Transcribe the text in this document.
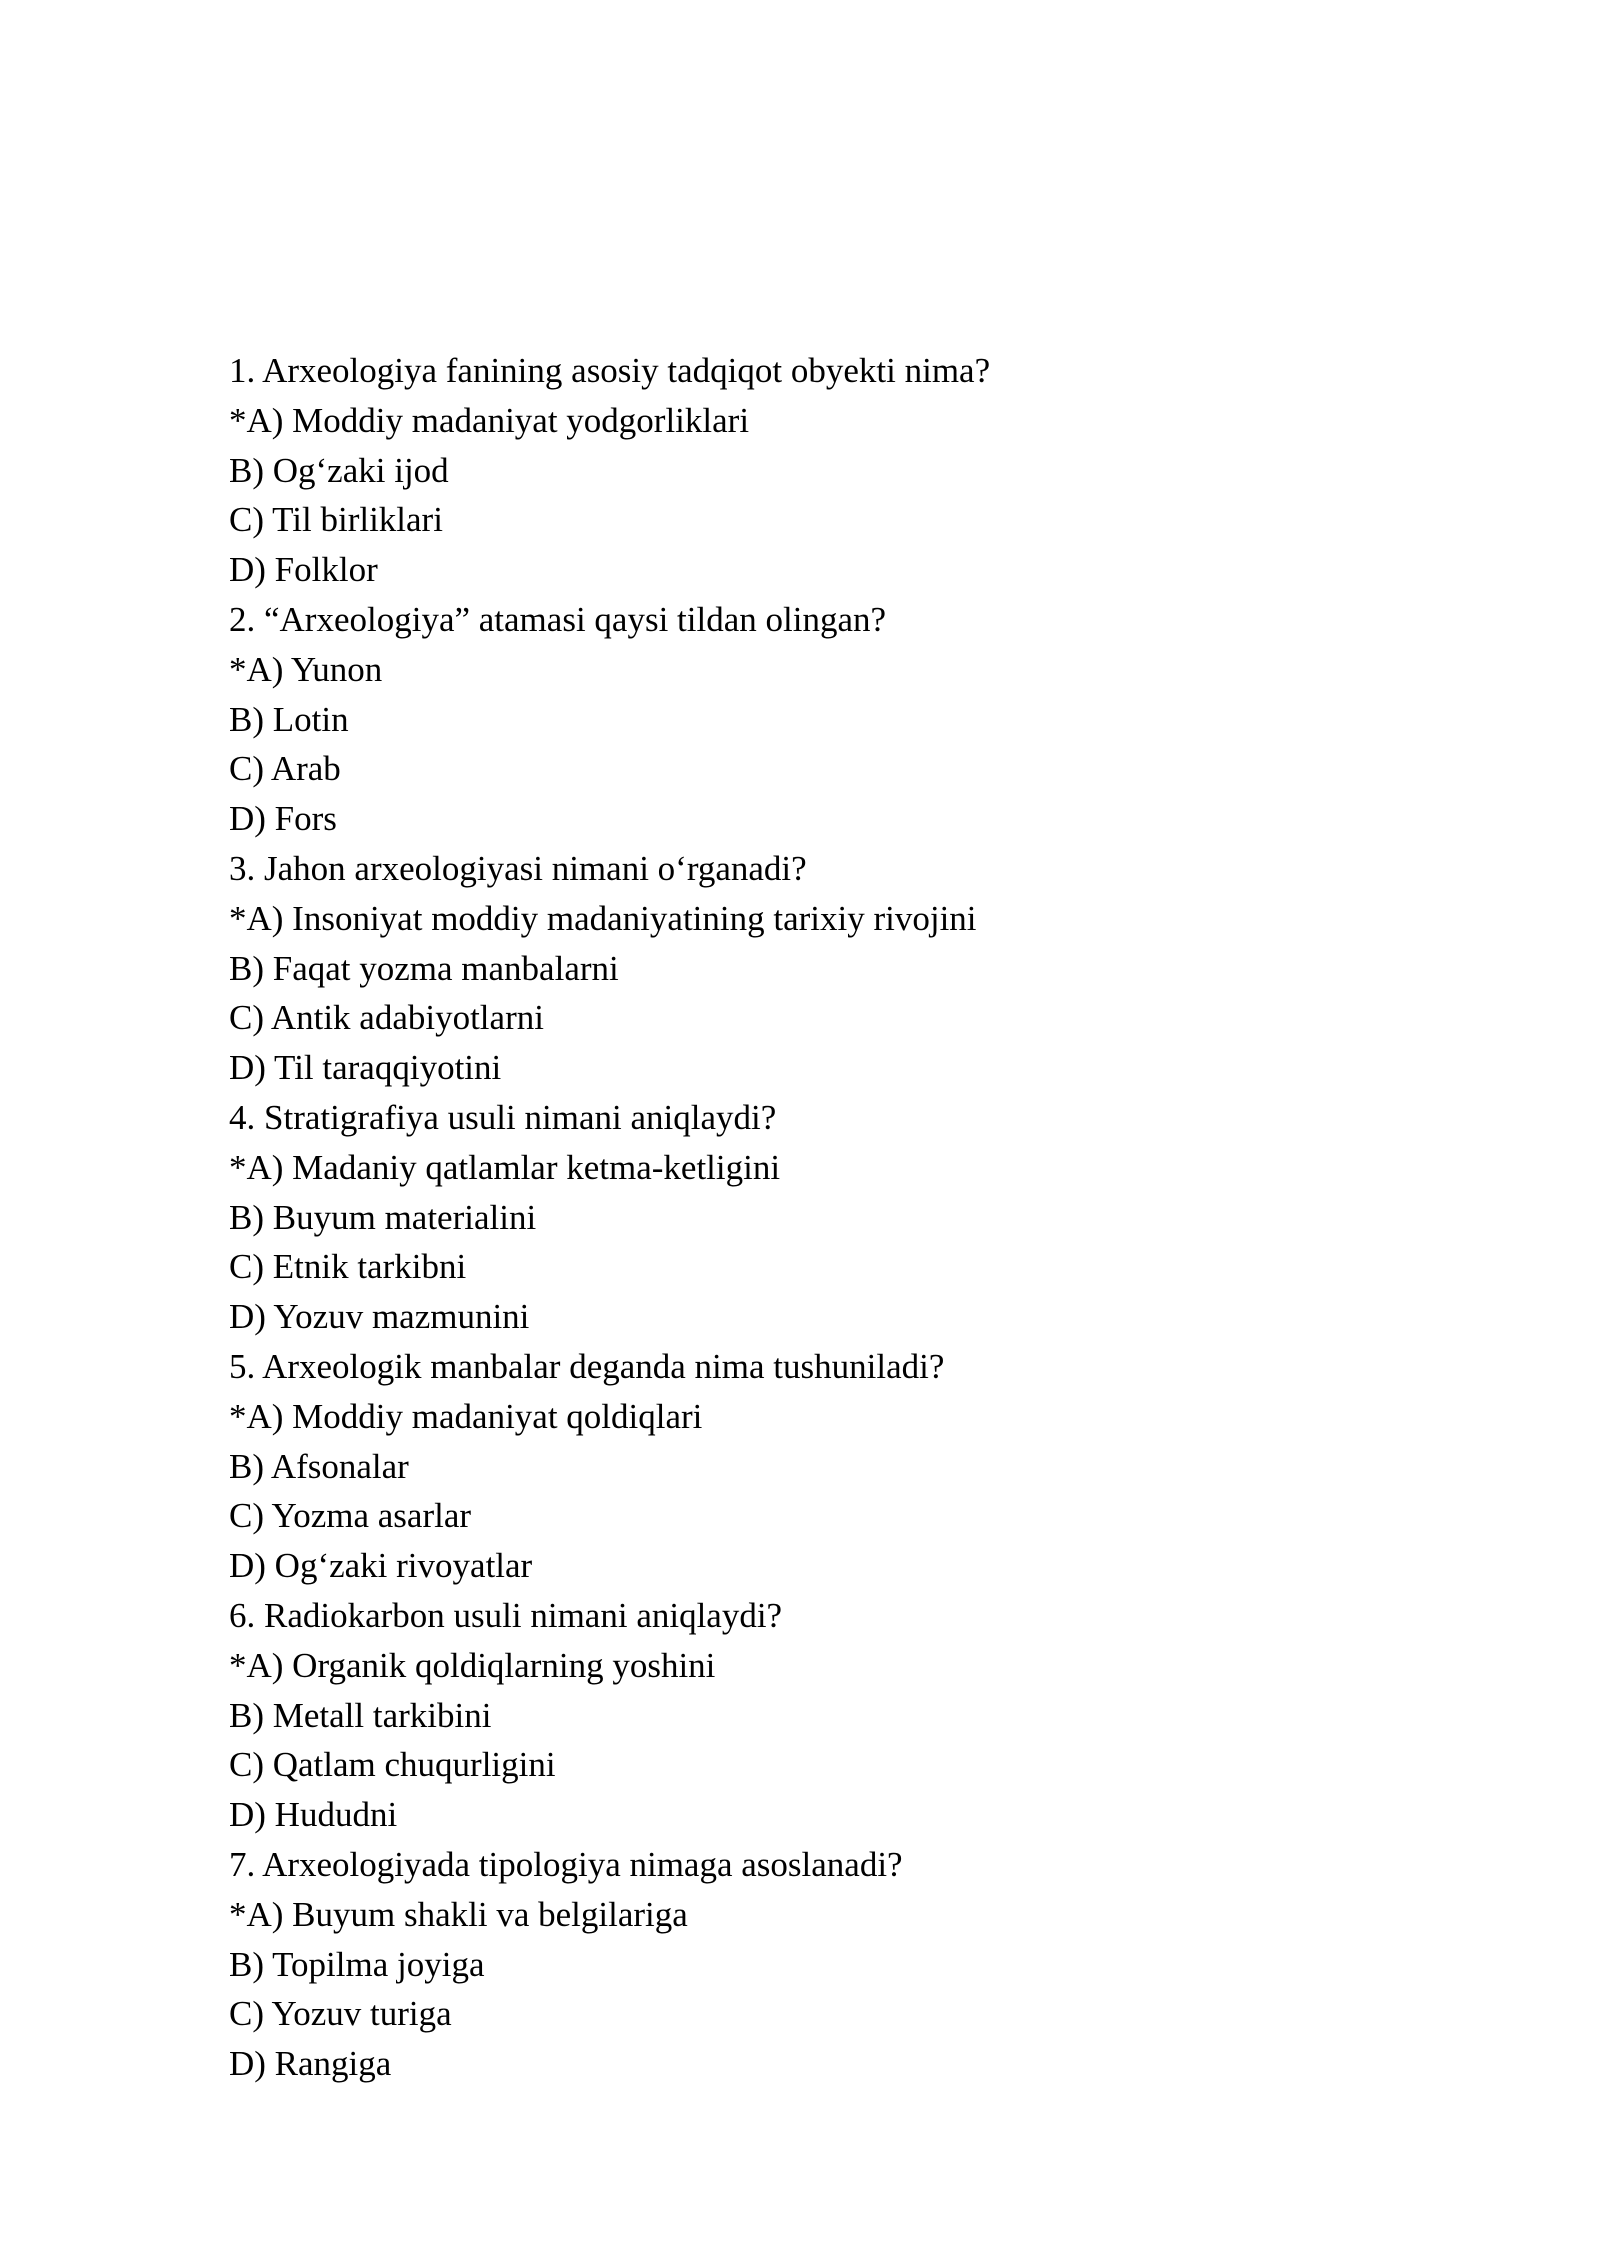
1. Arxeologiya fanining asosiy tadqiqot obyekti nima?
*A) Moddiy madaniyat yodgorliklari
B) Og‘zaki ijod
C) Til birliklari
D) Folklor
2. “Arxeologiya” atamasi qaysi tildan olingan?
*A) Yunon
B) Lotin
C) Arab
D) Fors
3. Jahon arxeologiyasi nimani o‘rganadi?
*A) Insoniyat moddiy madaniyatining tarixiy rivojini
B) Faqat yozma manbalarni
C) Antik adabiyotlarni
D) Til taraqqiyotini
4. Stratigrafiya usuli nimani aniqlaydi?
*A) Madaniy qatlamlar ketma-ketligini
B) Buyum materialini
C) Etnik tarkibni
D) Yozuv mazmunini
5. Arxeologik manbalar deganda nima tushuniladi?
*A) Moddiy madaniyat qoldiqlari
B) Afsonalar
C) Yozma asarlar
D) Og‘zaki rivoyatlar
6. Radiokarbon usuli nimani aniqlaydi?
*A) Organik qoldiqlarning yoshini
B) Metall tarkibini
C) Qatlam chuqurligini
D) Hududni
7. Arxeologiyada tipologiya nimaga asoslanadi?
*A) Buyum shakli va belgilariga
B) Topilma joyiga
C) Yozuv turiga
D) Rangiga
